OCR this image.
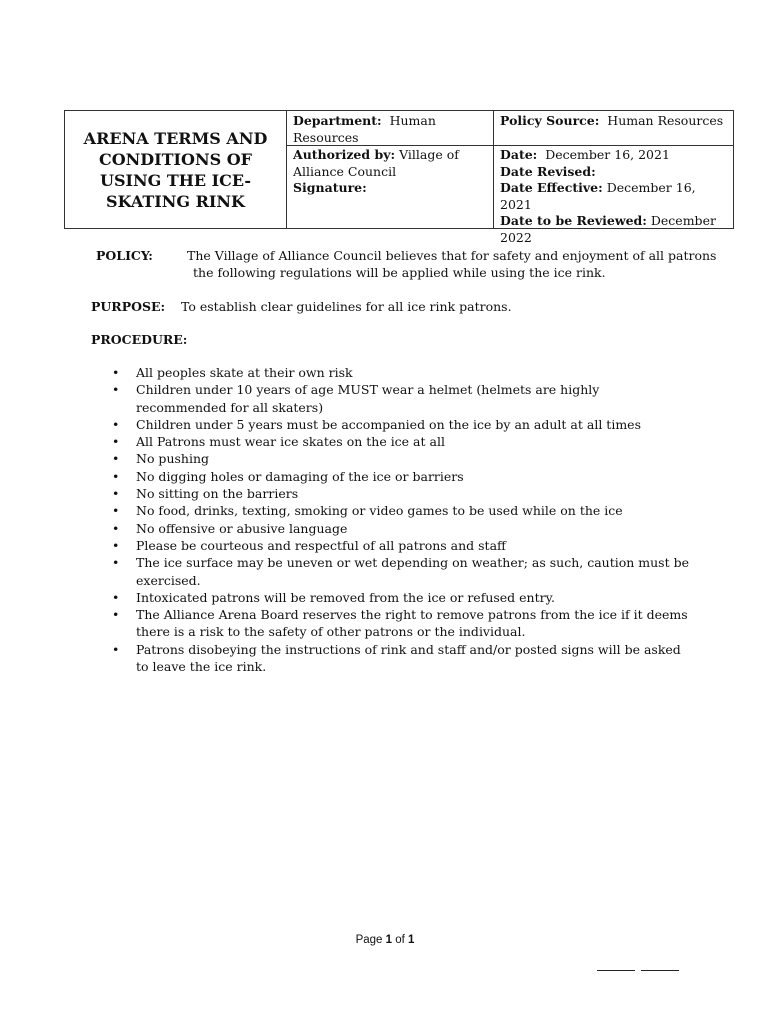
ARENA TERMS AND CONDITIONS OF USING THE ICE-SKATING RINK
Department: Human Resources
Policy Source: Human Resources
Authorized by: Village of Alliance Council
Signature:
Date: December 16, 2021
Date Revised:
Date Effective: December 16, 2021
Date to be Reviewed: December 2022
POLICY:	The Village of Alliance Council believes that for safety and enjoyment of all patrons
the following regulations will be applied while using the ice rink.
PURPOSE: To establish clear guidelines for all ice rink patrons.
PROCEDURE:
• All peoples skate at their own risk
• Children under 10 years of age MUST wear a helmet (helmets are highly recommended for all skaters)
• Children under 5 years must be accompanied on the ice by an adult at all times
• All Patrons must wear ice skates on the ice at all
• No pushing
• No digging holes or damaging of the ice or barriers
• No sitting on the barriers
• No food, drinks, texting, smoking or video games to be used while on the ice
• No offensive or abusive language
• Please be courteous and respectful of all patrons and staff
• The ice surface may be uneven or wet depending on weather; as such, caution must be exercised.
• Intoxicated patrons will be removed from the ice or refused entry.
• The Alliance Arena Board reserves the right to remove patrons from the ice if it deems there is a risk to the safety of other patrons or the individual.
• Patrons disobeying the instructions of rink and staff and/or posted signs will be asked to leave the ice rink.
Page 1 of 1
